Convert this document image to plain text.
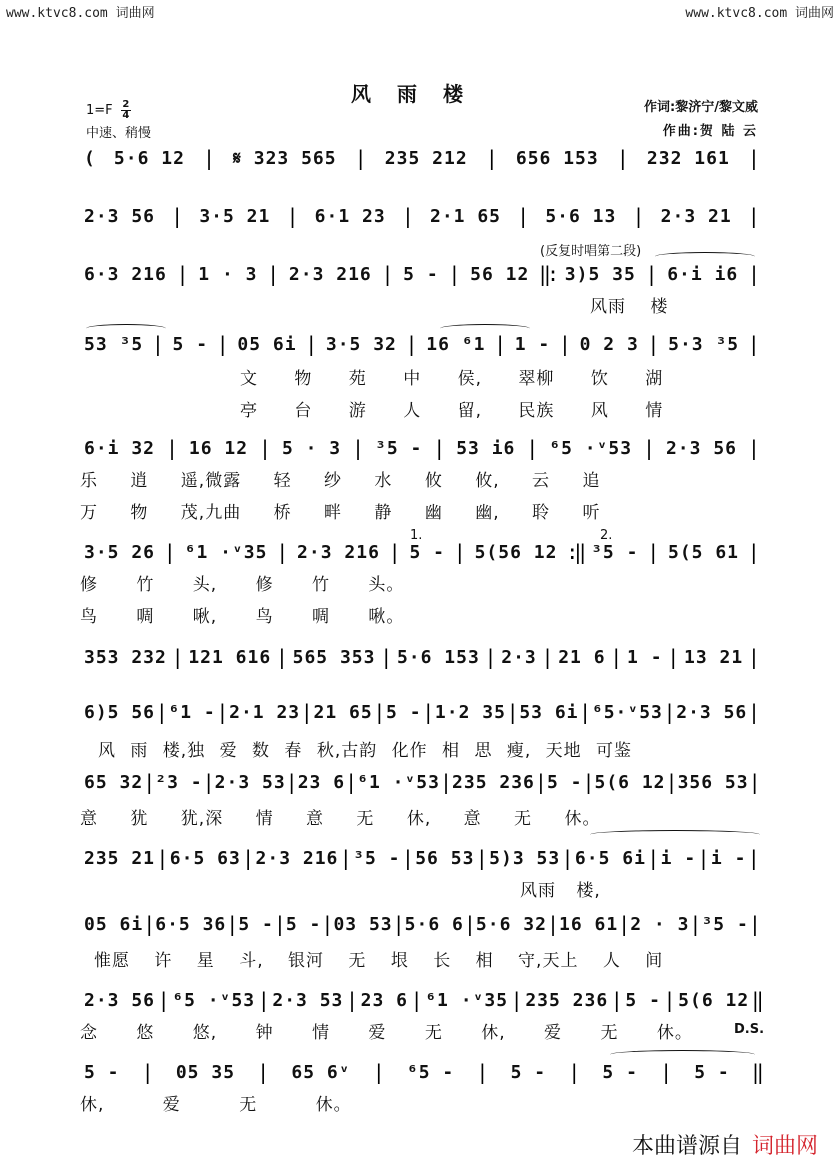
www.ktvc8.com 词曲网	www.ktvc8.com 词曲网
风雨楼
$1=F \frac{2}{4}$
中速、稍慢
作词:黎济宁/黎文威
作曲:贺 陆 云
( 5·6 12 | 𝄋 323 565 | 235 212 | 656 153 | 232 161 |
2·3 56 | 3·5 21 | 6·1 23 | 2·1 65 | 5·6 13 | 2·3 21 |
6·3 216 | 1 · 3 | 2·3 216 | 5 - | 56 12 ‖: 3)5 35 | 6·i i6 |
53 ³5 | 5 - | 05 6i | 3·5 32 | 16 ⁶1 | 1 - | 0 2 3 | 5·3 ³5 |
6·i 32 | 16 12 | 5 · 3 | ³5 - | 53 i6 | ⁶5 ·ᵛ53 | 2·3 56 |
3·5 26 | ⁶1 ·ᵛ35 | 2·3 216 | 5 - | 5(56 12 :‖ ³5 - | 5(5 61 |
353 232 | 121 616 | 565 353 | 5·6 153 | 2·3 | 21 6 | 1 - | 13 21 |
6)5 56 | ⁶1 - | 2·1 23 | 21 65 | 5 - | 1·2 35 | 53 6i | ⁶5·ᵛ53 | 2·3 56 |
65 32 | ²3 - | 2·3 53 | 23 6 | ⁶1 ·ᵛ53 | 235 236 | 5 - | 5(6 12 | 356 53 |
235 21 | 6·5 63 | 2·3 216 | ³5 - | 56 53 | 5)3 53 | 6·5 6i | i - | i - |
05 6i | 6·5 36 | 5 - | 5 - | 03 53 | 5·6 6 | 5·6 32 | 16 61 | 2 · 3 | ³5 - |
2·3 56 | ⁶5 ·ᵛ53 | 2·3 53 | 23 6 | ⁶1 ·ᵛ35 | 235 236 | 5 - | 5(6 12 ‖
5 - | 05 35 | 65 6ᵛ | ⁶5 - | 5 - | 5 - | 5 - ‖
(反复时唱第二段)
1.	2.
D.S.
风雨 楼
文 物 苑 中 侯, 翠柳 饮 湖
亭 台 游 人 留, 民族 风 情
乐 逍 遥,微露 轻 纱 水 攸 攸, 云 追
万 物 茂,九曲 桥 畔 静 幽 幽, 聆 听
修 竹 头, 修 竹 头。
鸟 啁 啾, 鸟 啁 啾。
风 雨 楼,独 爱 数 春 秋,古韵 化作 相 思 瘦, 天地 可鉴
意 犹 犹,深 情 意 无 休, 意 无 休。
风雨 楼,
惟愿 许 星 斗, 银河 无 垠 长 相 守,天上 人 间
念 悠 悠, 钟 情 爱 无 休, 爱 无 休。
休, 爱 无 休。
本曲谱源自 词曲网
